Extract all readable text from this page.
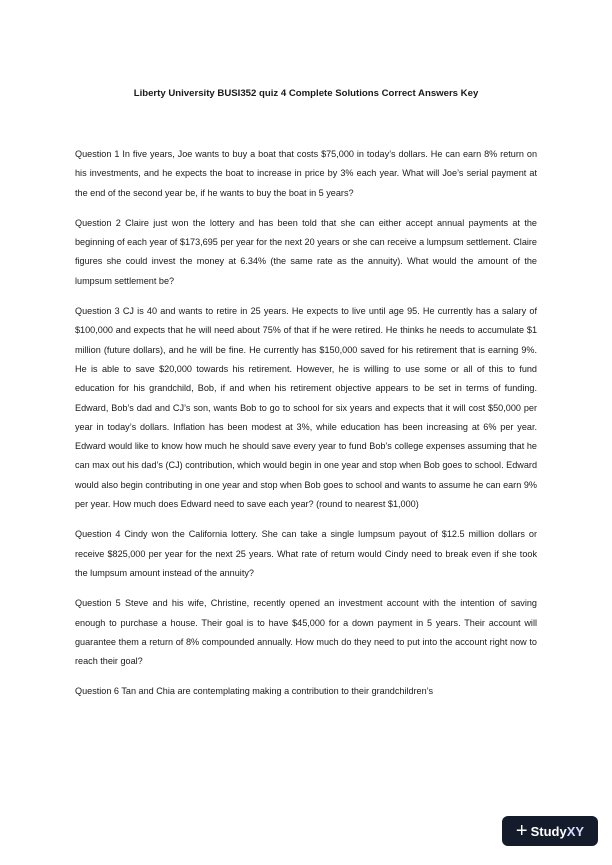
Liberty University BUSI352 quiz 4 Complete Solutions Correct Answers Key

Question 1 In five years, Joe wants to buy a boat that costs $75,000 in today’s dollars. He can earn 8% return on his investments, and he expects the boat to increase in price by 3% each year. What will Joe’s serial payment at the end of the second year be, if he wants to buy the boat in 5 years?

Question 2 Claire just won the lottery and has been told that she can either accept annual payments at the beginning of each year of $173,695 per year for the next 20 years or she can receive a lumpsum settlement. Claire figures she could invest the money at 6.34% (the same rate as the annuity). What would the amount of the lumpsum settlement be?

Question 3 CJ is 40 and wants to retire in 25 years. He expects to live until age 95. He currently has a salary of $100,000 and expects that he will need about 75% of that if he were retired. He thinks he needs to accumulate $1 million (future dollars), and he will be fine. He currently has $150,000 saved for his retirement that is earning 9%. He is able to save $20,000 towards his retirement. However, he is willing to use some or all of this to fund education for his grandchild, Bob, if and when his retirement objective appears to be set in terms of funding. Edward, Bob’s dad and CJ’s son, wants Bob to go to school for six years and expects that it will cost $50,000 per year in today’s dollars. Inflation has been modest at 3%, while education has been increasing at 6% per year. Edward would like to know how much he should save every year to fund Bob’s college expenses assuming that he can max out his dad’s (CJ) contribution, which would begin in one year and stop when Bob goes to school. Edward would also begin contributing in one year and stop when Bob goes to school and wants to assume he can earn 9% per year. How much does Edward need to save each year? (round to nearest $1,000)

Question 4 Cindy won the California lottery. She can take a single lumpsum payout of $12.5 million dollars or receive $825,000 per year for the next 25 years. What rate of return would Cindy need to break even if she took the lumpsum amount instead of the annuity?

Question 5 Steve and his wife, Christine, recently opened an investment account with the intention of saving enough to purchase a house. Their goal is to have $45,000 for a down payment in 5 years. Their account will guarantee them a return of 8% compounded annually. How much do they need to put into the account right now to reach their goal?

Question 6 Tan and Chia are contemplating making a contribution to their grandchildren’s

+ Study XY
